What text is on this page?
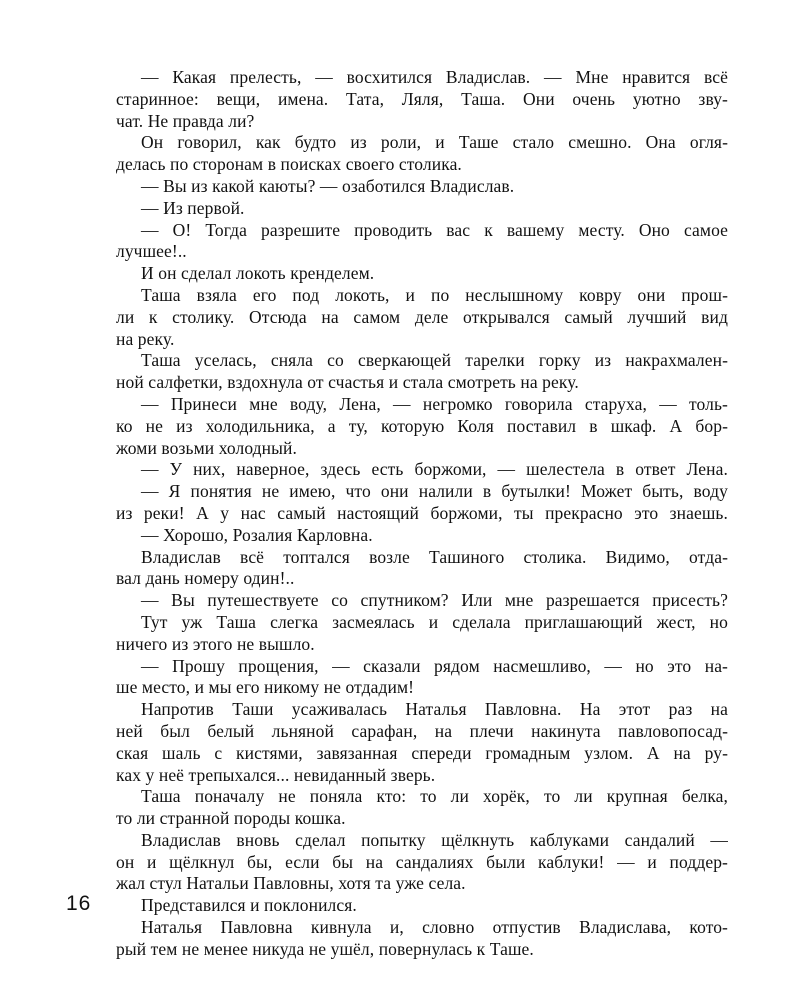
— Какая прелесть, — восхитился Владислав. — Мне нравится всё
старинное: вещи, имена. Тата, Ляля, Таша. Они очень уютно зву-
чат. Не правда ли?
Он говорил, как будто из роли, и Таше стало смешно. Она огля-
делась по сторонам в поисках своего столика.
— Вы из какой каюты? — озаботился Владислав.
— Из первой.
— О! Тогда разрешите проводить вас к вашему месту. Оно самое
лучшее!..
И он сделал локоть кренделем.
Таша взяла его под локоть, и по неслышному ковру они прош-
ли к столику. Отсюда на самом деле открывался самый лучший вид
на реку.
Таша уселась, сняла со сверкающей тарелки горку из накрахмален-
ной салфетки, вздохнула от счастья и стала смотреть на реку.
— Принеси мне воду, Лена, — негромко говорила старуха, — толь-
ко не из холодильника, а ту, которую Коля поставил в шкаф. А бор-
жоми возьми холодный.
— У них, наверное, здесь есть боржоми, — шелестела в ответ Лена.
— Я понятия не имею, что они налили в бутылки! Может быть, воду
из реки! А у нас самый настоящий боржоми, ты прекрасно это знаешь.
— Хорошо, Розалия Карловна.
Владислав всё топтался возле Ташиного столика. Видимо, отда-
вал дань номеру один!..
— Вы путешествуете со спутником? Или мне разрешается присесть?
Тут уж Таша слегка засмеялась и сделала приглашающий жест, но
ничего из этого не вышло.
— Прошу прощения, — сказали рядом насмешливо, — но это на-
ше место, и мы его никому не отдадим!
Напротив Таши усаживалась Наталья Павловна. На этот раз на
ней был белый льняной сарафан, на плечи накинута павловопосад-
ская шаль с кистями, завязанная спереди громадным узлом. А на ру-
ках у неё трепыхался... невиданный зверь.
Таша поначалу не поняла кто: то ли хорёк, то ли крупная белка,
то ли странной породы кошка.
Владислав вновь сделал попытку щёлкнуть каблуками сандалий —
он и щёлкнул бы, если бы на сандалиях были каблуки! — и поддер-
жал стул Натальи Павловны, хотя та уже села.
Представился и поклонился.
Наталья Павловна кивнула и, словно отпустив Владислава, кото-
рый тем не менее никуда не ушёл, повернулась к Таше.
16
